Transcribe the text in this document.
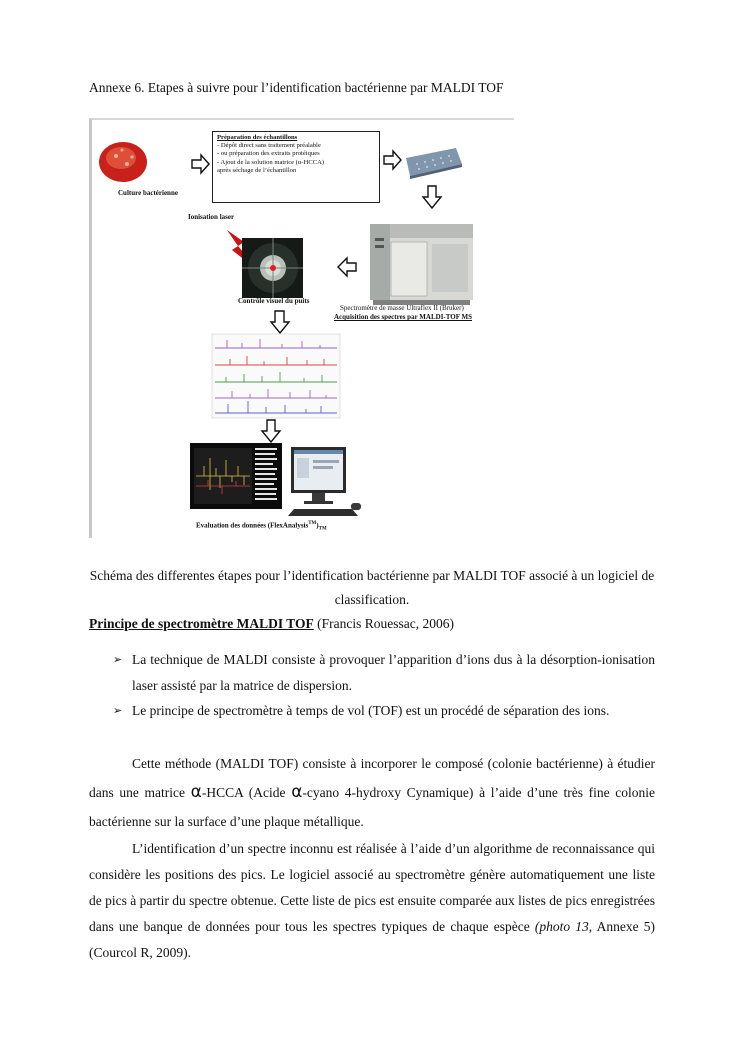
Annexe 6. Etapes à suivre pour l’identification bactérienne par MALDI TOF
Culture bactérienne
Préparation des échantillons
- Dépôt direct sans traitement préalable
- ou préparation des extraits protéiques
- Ajout de la solution matrice (α-HCCA)
après séchage de l’échantillon
Ionisation laser
Contrôle visuel du puits
Spectromètre de masse Ultraflex II (Bruker)
Acquisition des spectres par MALDI-TOF MS
Evaluation des données $(FlexAnalysis™)_{TM}$
Schéma des differentes étapes pour l’identification bactérienne par MALDI TOF associé à un logiciel de classification.
Principe de spectromètre MALDI TOF (Francis Rouessac, 2006)
➢ La technique de MALDI consiste à provoquer l’apparition d’ions dus à la désorption-ionisation laser assisté par la matrice de dispersion.
➢ Le principe de spectromètre à temps de vol (TOF) est un procédé de séparation des ions.
Cette méthode (MALDI TOF) consiste à incorporer le composé (colonie bactérienne) à étudier dans une matrice α-HCCA (Acide α-cyano 4-hydroxy Cynamique) à l’aide d’une très fine colonie bactérienne sur la surface d’une plaque métallique.
L’identification d’un spectre inconnu est réalisée à l’aide d’un algorithme de reconnaissance qui considère les positions des pics. Le logiciel associé au spectromètre génère automatiquement une liste de pics à partir du spectre obtenue. Cette liste de pics est ensuite comparée aux listes de pics enregistrées dans une banque de données pour tous les spectres typiques de chaque espèce (photo 13, Annexe 5) (Courcol R, 2009).
